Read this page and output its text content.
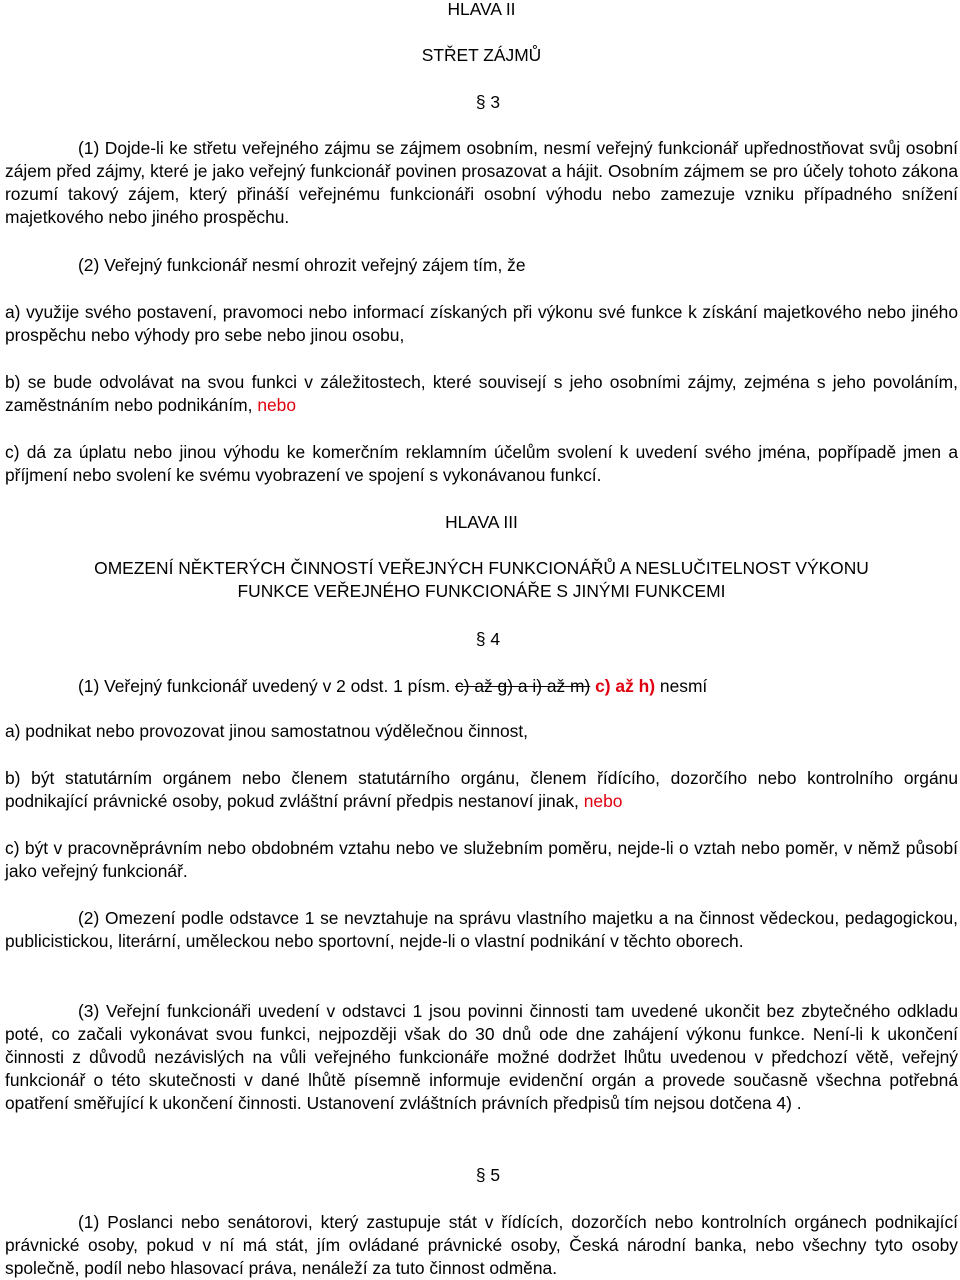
HLAVA II
STŘET ZÁJMŮ
§ 3

(1) Dojde-li ke střetu veřejného zájmu se zájmem osobním, nesmí veřejný funkcionář upřednostňovat svůj osobní zájem před zájmy, které je jako veřejný funkcionář povinen prosazovat a hájit. Osobním zájmem se pro účely tohoto zákona rozumí takový zájem, který přináší veřejnému funkcionáři osobní výhodu nebo zamezuje vzniku případného snížení majetkového nebo jiného prospěchu.

(2) Veřejný funkcionář nesmí ohrozit veřejný zájem tím, že

a) využije svého postavení, pravomoci nebo informací získaných při výkonu své funkce k získání majetkového nebo jiného prospěchu nebo výhody pro sebe nebo jinou osobu,

b) se bude odvolávat na svou funkci v záležitostech, které souvisejí s jeho osobními zájmy, zejména s jeho povoláním, zaměstnáním nebo podnikáním, nebo

c) dá za úplatu nebo jinou výhodu ke komerčním reklamním účelům svolení k uvedení svého jména, popřípadě jmen a příjmení nebo svolení ke svému vyobrazení ve spojení s vykonávanou funkcí.

HLAVA III
OMEZENÍ NĚKTERÝCH ČINNOSTÍ VEŘEJNÝCH FUNKCIONÁŘŮ A NESLUČITELNOST VÝKONU
FUNKCE VEŘEJNÉHO FUNKCIONÁŘE S JINÝMI FUNKCEMI
§ 4

(1) Veřejný funkcionář uvedený v 2 odst. 1 písm. c) až g) a i) až m) c) až h) nesmí

a) podnikat nebo provozovat jinou samostatnou výdělečnou činnost,

b) být statutárním orgánem nebo členem statutárního orgánu, členem řídícího, dozorčího nebo kontrolního orgánu podnikající právnické osoby, pokud zvláštní právní předpis nestanoví jinak, nebo

c) být v pracovněprávním nebo obdobném vztahu nebo ve služebním poměru, nejde-li o vztah nebo poměr, v němž působí jako veřejný funkcionář.

(2) Omezení podle odstavce 1 se nevztahuje na správu vlastního majetku a na činnost vědeckou, pedagogickou, publicistickou, literární, uměleckou nebo sportovní, nejde-li o vlastní podnikání v těchto oborech.

(3) Veřejní funkcionáři uvedení v odstavci 1 jsou povinni činnosti tam uvedené ukončit bez zbytečného odkladu poté, co začali vykonávat svou funkci, nejpozději však do 30 dnů ode dne zahájení výkonu funkce. Není-li k ukončení činnosti z důvodů nezávislých na vůli veřejného funkcionáře možné dodržet lhůtu uvedenou v předchozí větě, veřejný funkcionář o této skutečnosti v dané lhůtě písemně informuje evidenční orgán a provede současně všechna potřebná opatření směřující k ukončení činnosti. Ustanovení zvláštních právních předpisů tím nejsou dotčena 4) .

§ 5

(1) Poslanci nebo senátorovi, který zastupuje stát v řídících, dozorčích nebo kontrolních orgánech podnikající právnické osoby, pokud v ní má stát, jím ovládané právnické osoby, Česká národní banka, nebo všechny tyto osoby společně, podíl nebo hlasovací práva, nenáleží za tuto činnost odměna.
